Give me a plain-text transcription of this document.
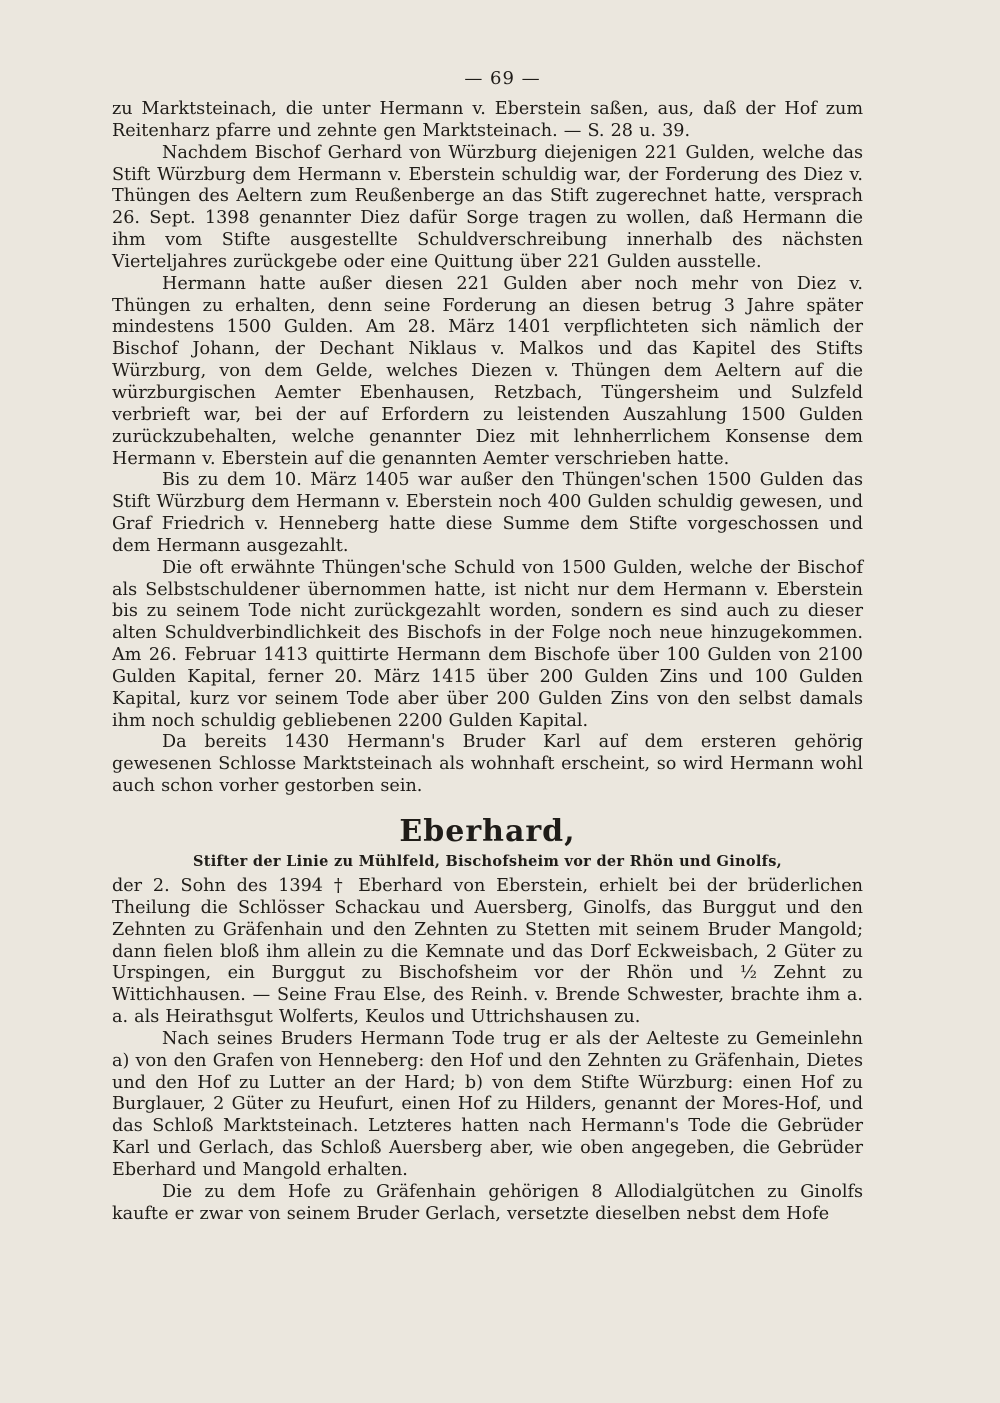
— 69 —

zu Marktsteinach, die unter Hermann v. Eberstein saßen, aus, daß der Hof zum Reitenharz pfarre und zehnte gen Marktsteinach. — S. 28 u. 39.

Nachdem Bischof Gerhard von Würzburg diejenigen 221 Gulden, welche das Stift Würzburg dem Hermann v. Eberstein schuldig war, der Forderung des Diez v. Thüngen des Aeltern zum Reußenberge an das Stift zugerechnet hatte, versprach 26. Sept. 1398 genannter Diez dafür Sorge tragen zu wollen, daß Hermann die ihm vom Stifte ausgestellte Schuldverschreibung innerhalb des nächsten Vierteljahres zurückgebe oder eine Quittung über 221 Gulden ausstelle.

Hermann hatte außer diesen 221 Gulden aber noch mehr von Diez v. Thüngen zu erhalten, denn seine Forderung an diesen betrug 3 Jahre später mindestens 1500 Gulden. Am 28. März 1401 verpflichteten sich nämlich der Bischof Johann, der Dechant Niklaus v. Malkos und das Kapitel des Stifts Würzburg, von dem Gelde, welches Diezen v. Thüngen dem Aeltern auf die würzburgischen Aemter Ebenhausen, Retzbach, Tüngersheim und Sulzfeld verbrieft war, bei der auf Erfordern zu leistenden Auszahlung 1500 Gulden zurückzubehalten, welche genannter Diez mit lehnherrlichem Konsense dem Hermann v. Eberstein auf die genannten Aemter verschrieben hatte.

Bis zu dem 10. März 1405 war außer den Thüngen'schen 1500 Gulden das Stift Würzburg dem Hermann v. Eberstein noch 400 Gulden schuldig gewesen, und Graf Friedrich v. Henneberg hatte diese Summe dem Stifte vorgeschossen und dem Hermann ausgezahlt.

Die oft erwähnte Thüngen'sche Schuld von 1500 Gulden, welche der Bischof als Selbstschuldener übernommen hatte, ist nicht nur dem Hermann v. Eberstein bis zu seinem Tode nicht zurückgezahlt worden, sondern es sind auch zu dieser alten Schuldverbindlichkeit des Bischofs in der Folge noch neue hinzugekommen. Am 26. Februar 1413 quittirte Hermann dem Bischofe über 100 Gulden von 2100 Gulden Kapital, ferner 20. März 1415 über 200 Gulden Zins und 100 Gulden Kapital, kurz vor seinem Tode aber über 200 Gulden Zins von den selbst damals ihm noch schuldig gebliebenen 2200 Gulden Kapital.

Da bereits 1430 Hermann's Bruder Karl auf dem ersteren gehörig gewesenen Schlosse Marktsteinach als wohnhaft erscheint, so wird Hermann wohl auch schon vorher gestorben sein.

Eberhard,
Stifter der Linie zu Mühlfeld, Bischofsheim vor der Rhön und Ginolfs,

der 2. Sohn des 1394 † Eberhard von Eberstein, erhielt bei der brüderlichen Theilung die Schlösser Schackau und Auersberg, Ginolfs, das Burggut und den Zehnten zu Gräfenhain und den Zehnten zu Stetten mit seinem Bruder Mangold; dann fielen bloß ihm allein zu die Kemnate und das Dorf Eckweisbach, 2 Güter zu Urspingen, ein Burggut zu Bischofsheim vor der Rhön und ½ Zehnt zu Wittichhausen. — Seine Frau Else, des Reinh. v. Brende Schwester, brachte ihm a. a. als Heirathsgut Wolferts, Keulos und Uttrichshausen zu.

Nach seines Bruders Hermann Tode trug er als der Aelteste zu Gemeinlehn a) von den Grafen von Henneberg: den Hof und den Zehnten zu Gräfenhain, Dietes und den Hof zu Lutter an der Hard; b) von dem Stifte Würzburg: einen Hof zu Burglauer, 2 Güter zu Heufurt, einen Hof zu Hilders, genannt der Mores-Hof, und das Schloß Marktsteinach. Letzteres hatten nach Hermann's Tode die Gebrüder Karl und Gerlach, das Schloß Auersberg aber, wie oben angegeben, die Gebrüder Eberhard und Mangold erhalten.

Die zu dem Hofe zu Gräfenhain gehörigen 8 Allodialgütchen zu Ginolfs kaufte er zwar von seinem Bruder Gerlach, versetzte dieselben nebst dem Hofe
